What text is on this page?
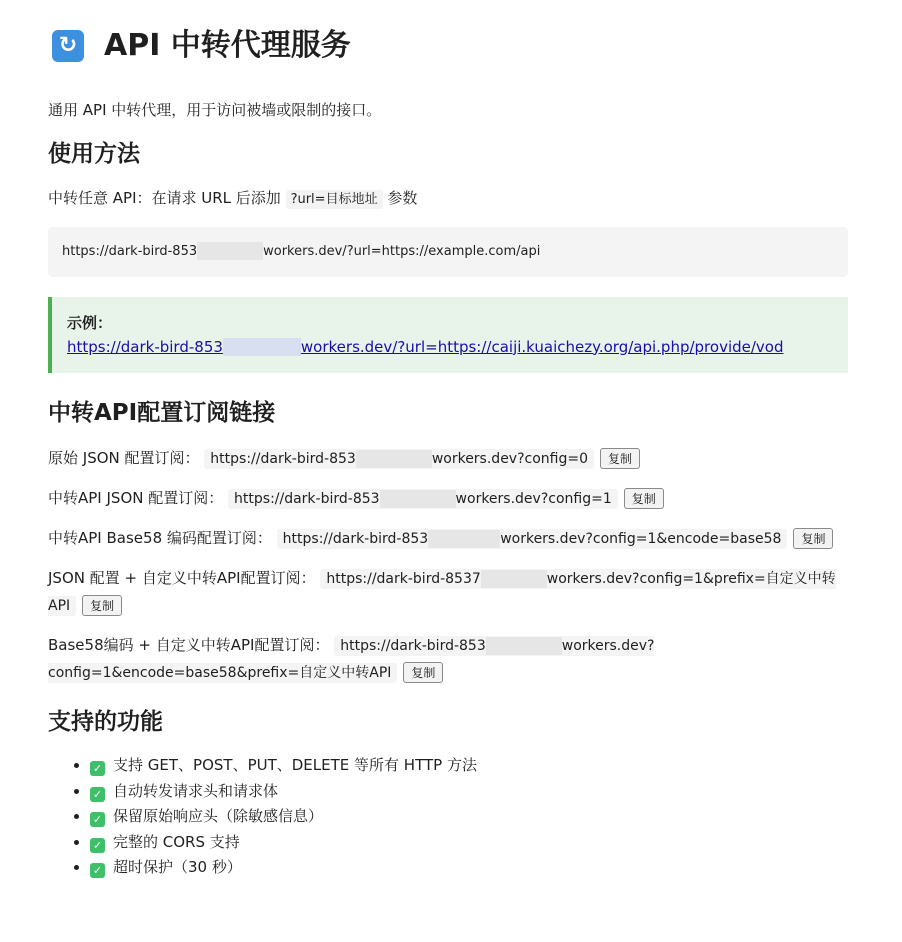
↻ API 中转代理服务

通用 API 中转代理，用于访问被墙或限制的接口。

使用方法

中转任意 API：在请求 URL 后添加 ?url=目标地址 参数

https://dark-bird-853	workers.dev/?url=https://example.com/api
示例：
https://dark-bird-853	workers.dev/?url=https://caiji.kuaichezy.org/api.php/provide/vod
中转API配置订阅链接
原始 JSON 配置订阅： https://dark-bird-853	workers.dev?config=0 复制
中转API JSON 配置订阅： https://dark-bird-853	workers.dev?config=1 复制
中转API Base58 编码配置订阅： https://dark-bird-853	workers.dev?config=1&encode=base58 复制
JSON 配置 + 自定义中转API配置订阅： https://dark-bird-8537	workers.dev?config=1&prefix=自定义中转API 复制
Base58编码 + 自定义中转API配置订阅： https://dark-bird-853	workers.dev?config=1&encode=base58&prefix=自定义中转API 复制
支持的功能
• ✓ 支持 GET、POST、PUT、DELETE 等所有 HTTP 方法
• ✓ 自动转发请求头和请求体
• ✓ 保留原始响应头（除敏感信息）
• ✓ 完整的 CORS 支持
• ✓ 超时保护（30 秒）
